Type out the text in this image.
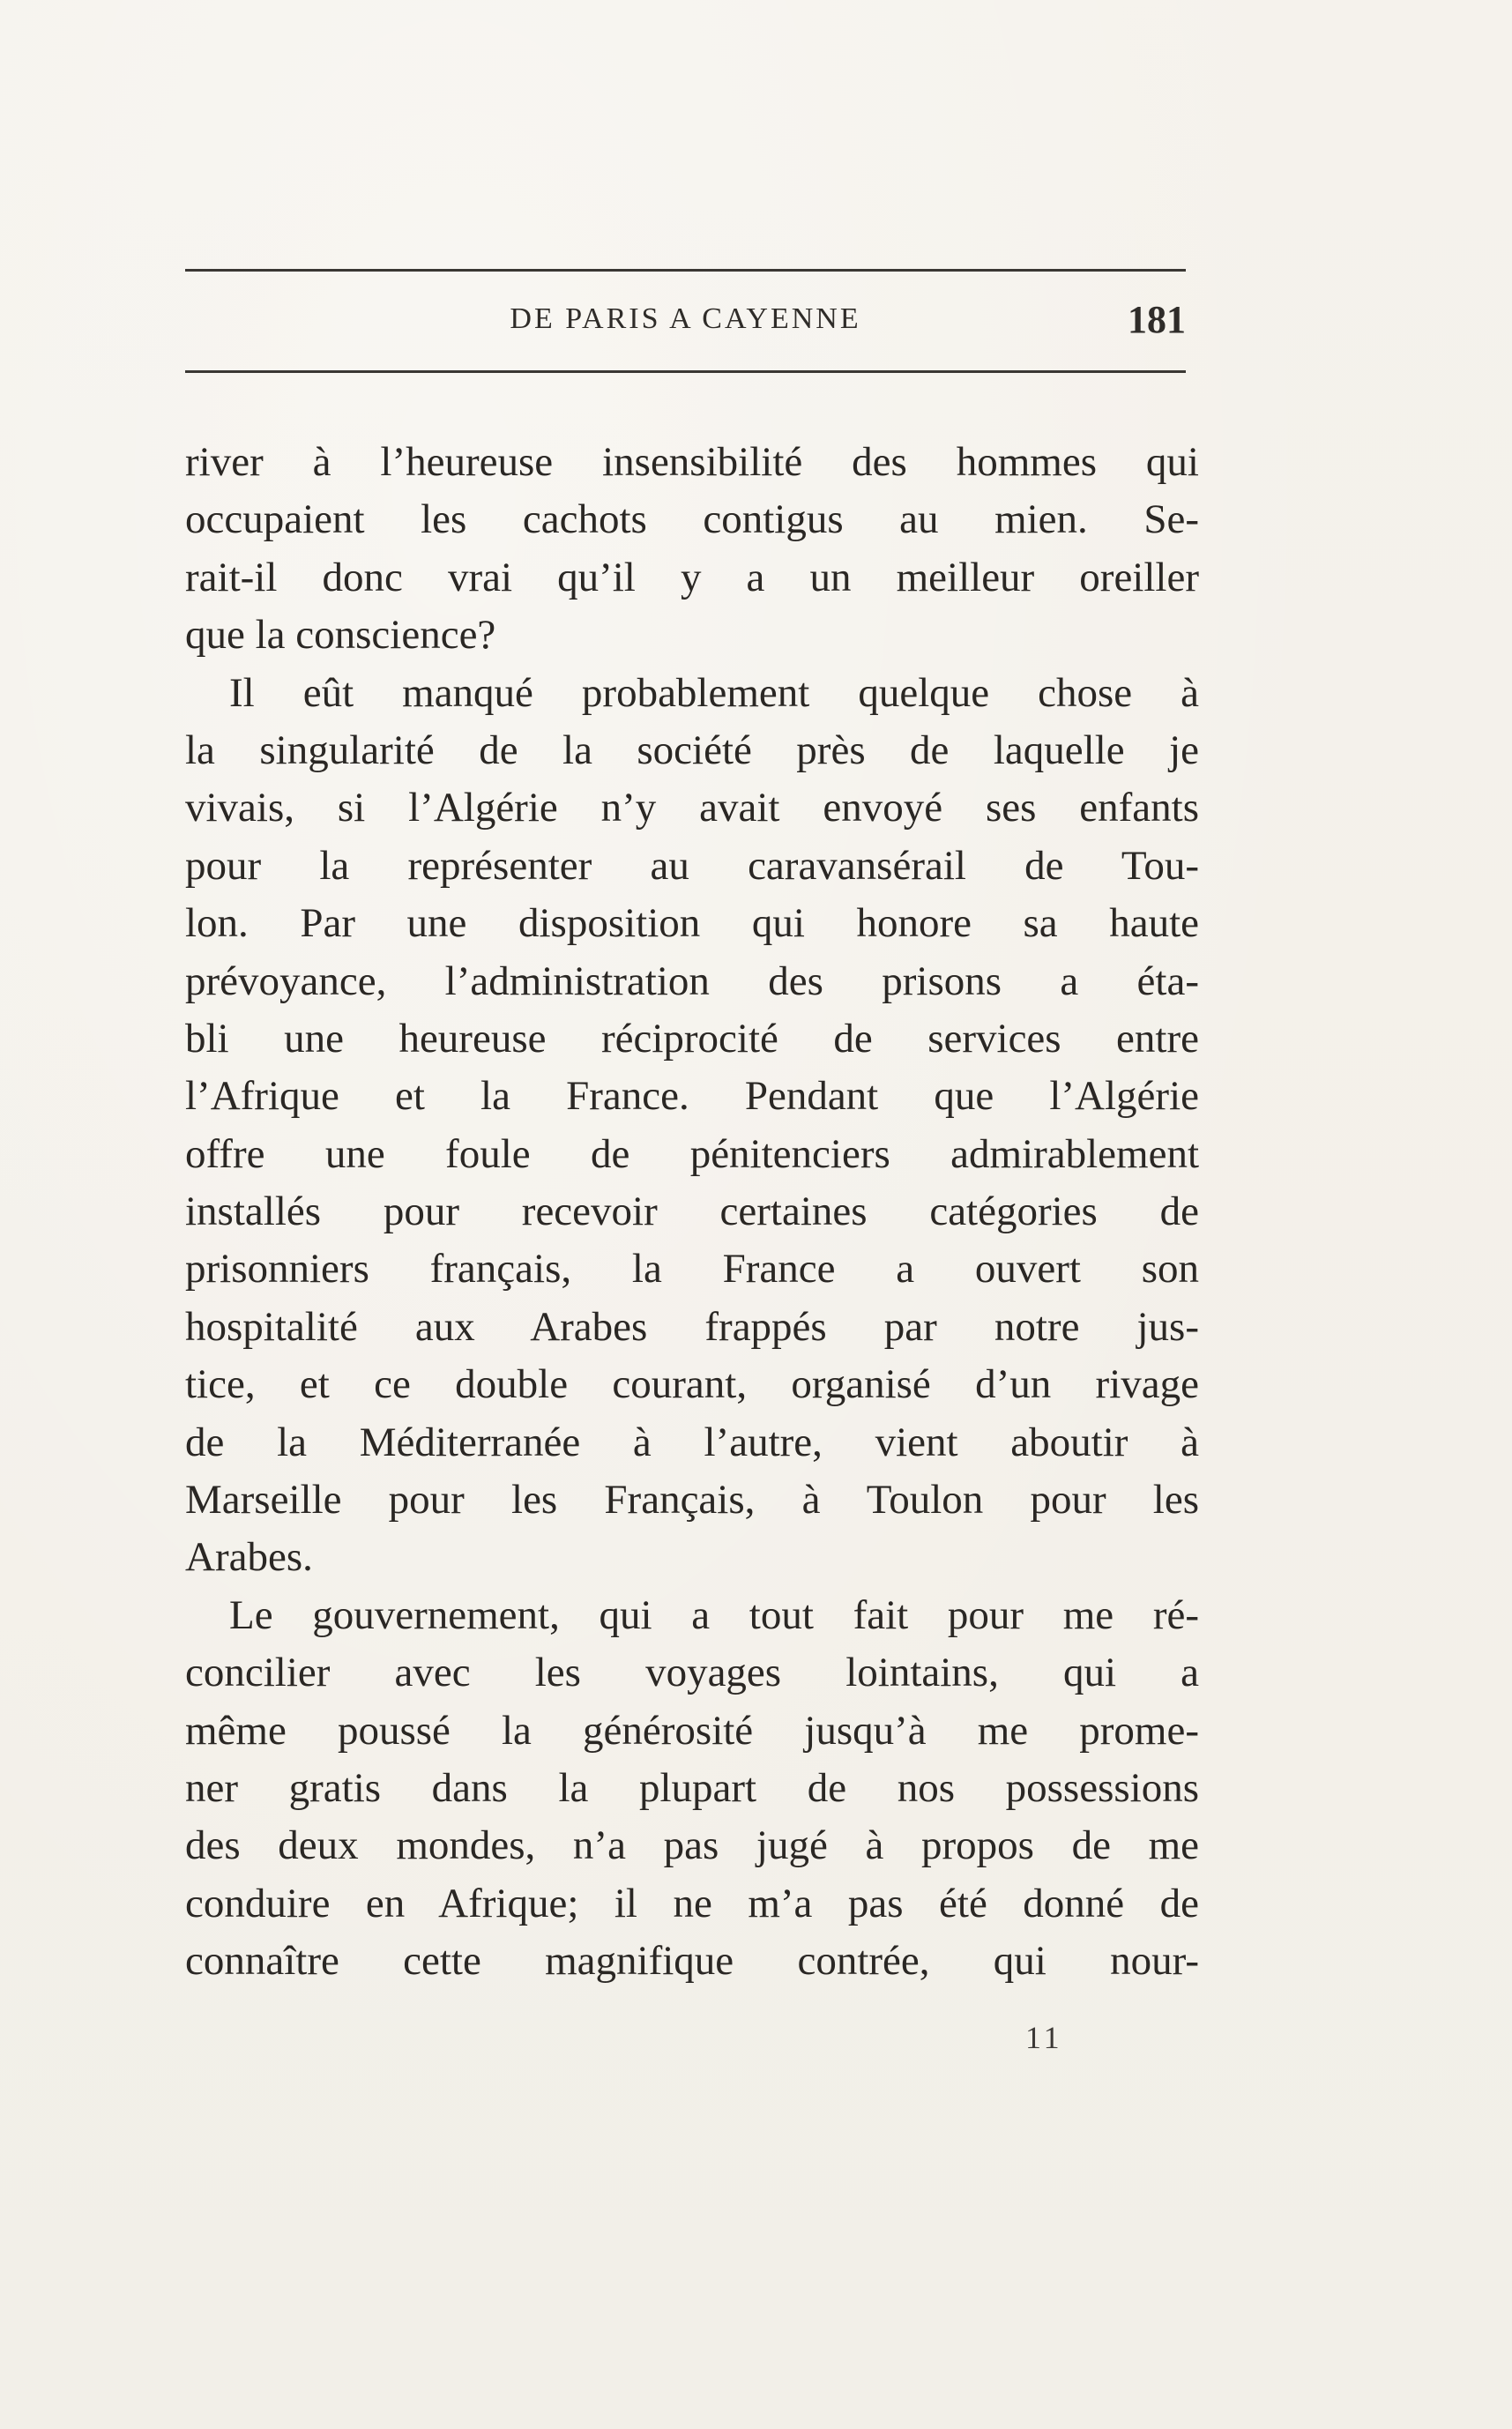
DE PARIS A CAYENNE	181
river à l’heureuse insensibilité des hommes qui
occupaient les cachots contigus au mien. Se-
rait-il donc vrai qu’il y a un meilleur oreiller
que la conscience?
Il eût manqué probablement quelque chose à
la singularité de la société près de laquelle je
vivais, si l’Algérie n’y avait envoyé ses enfants
pour la représenter au caravansérail de Tou-
lon. Par une disposition qui honore sa haute
prévoyance, l’administration des prisons a éta-
bli une heureuse réciprocité de services entre
l’Afrique et la France. Pendant que l’Algérie
offre une foule de pénitenciers admirablement
installés pour recevoir certaines catégories de
prisonniers français, la France a ouvert son
hospitalité aux Arabes frappés par notre jus-
tice, et ce double courant, organisé d’un rivage
de la Méditerranée à l’autre, vient aboutir à
Marseille pour les Français, à Toulon pour les
Arabes.
Le gouvernement, qui a tout fait pour me ré-
concilier avec les voyages lointains, qui a
même poussé la générosité jusqu’à me prome-
ner gratis dans la plupart de nos possessions
des deux mondes, n’a pas jugé à propos de me
conduire en Afrique; il ne m’a pas été donné de
connaître cette magnifique contrée, qui nour-
11
